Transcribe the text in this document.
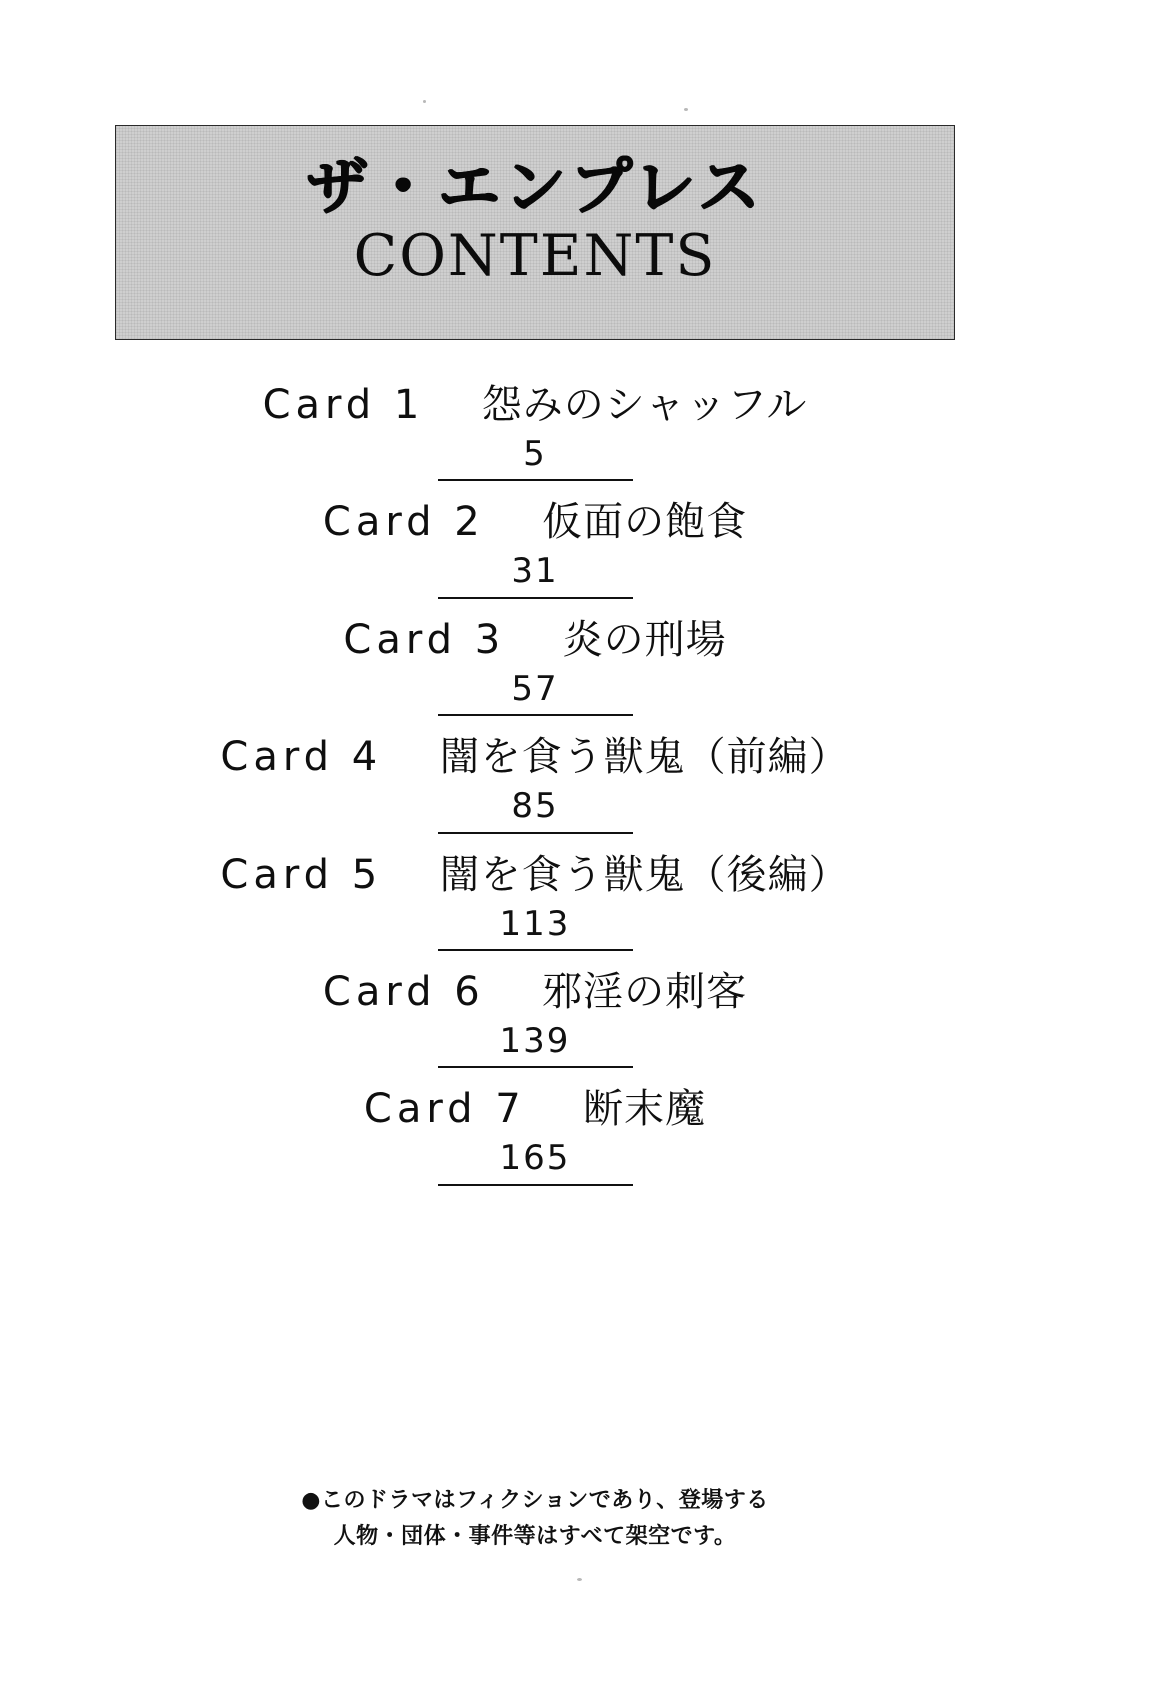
ザ・エンプレス
CONTENTS
Card 1 怨みのシャッフル
5
Card 2 仮面の飽食
31
Card 3 炎の刑場
57
Card 4 闇を食う獣鬼（前編）
85
Card 5 闇を食う獣鬼（後編）
113
Card 6 邪淫の刺客
139
Card 7 断末魔
165
●このドラマはフィクションであり、登場する
人物・団体・事件等はすべて架空です。
